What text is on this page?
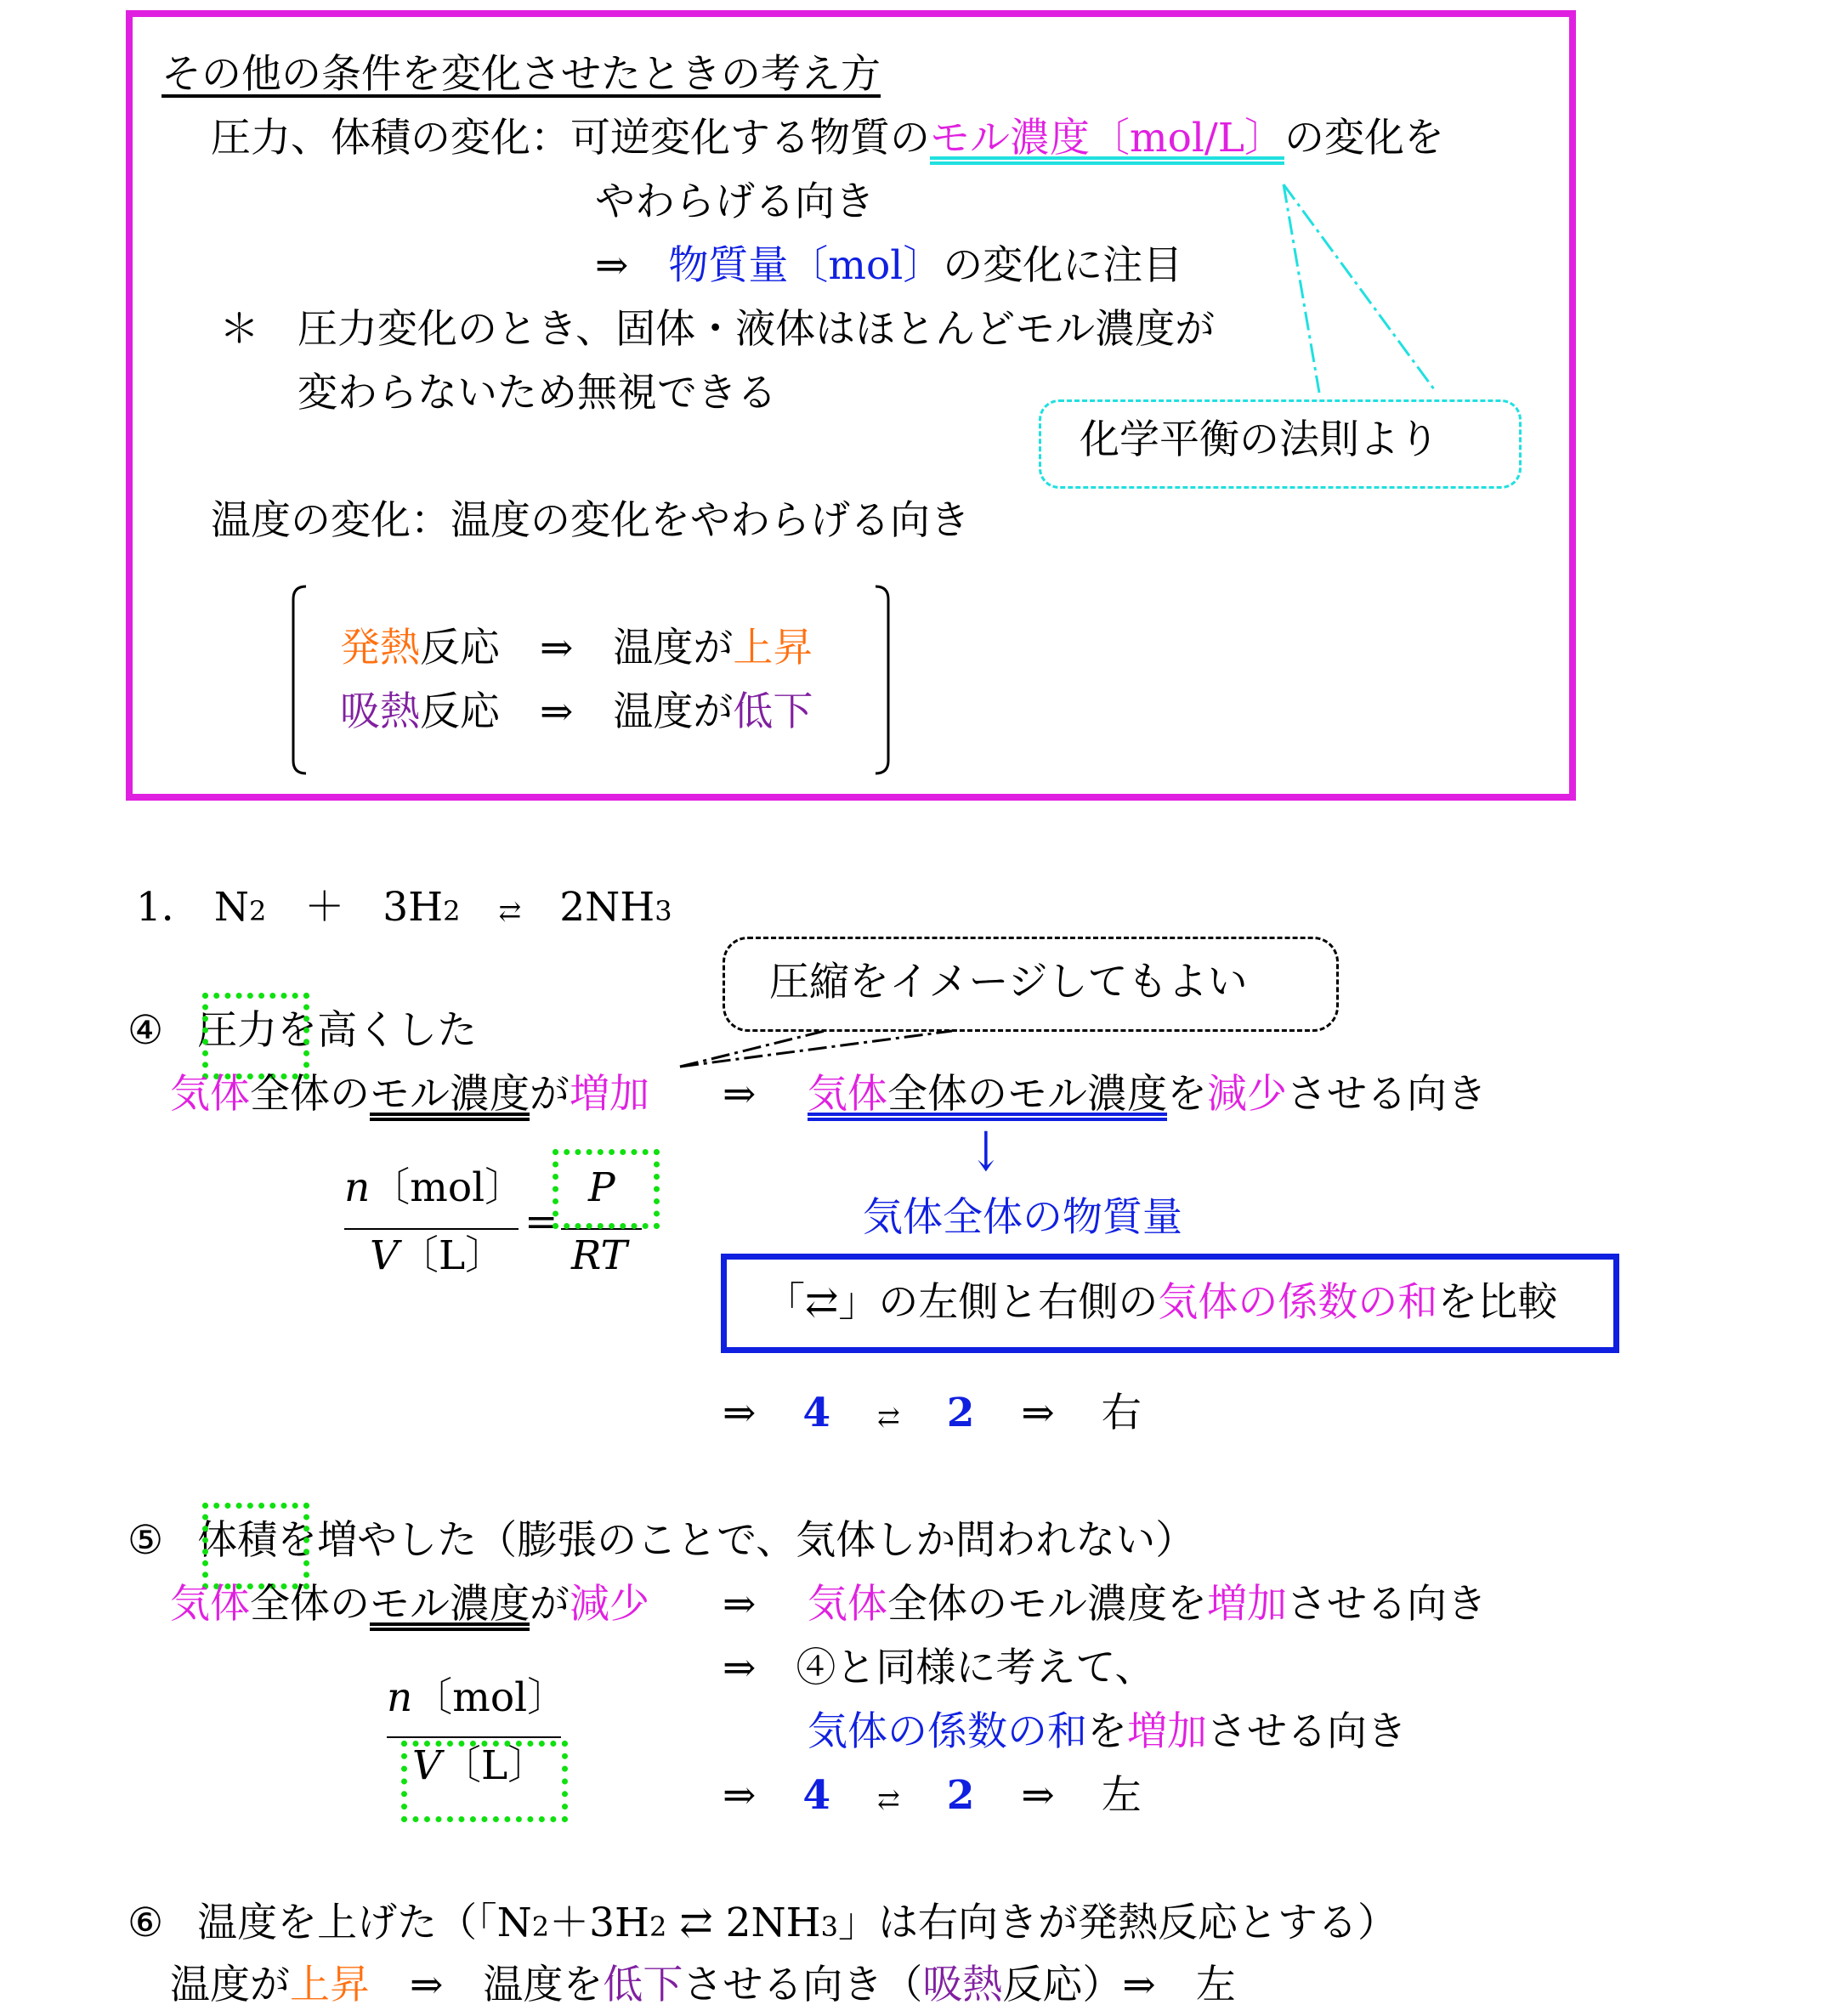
その他の条件を変化させたときの考え方
圧力、体積の変化：可逆変化する物質のモル濃度〔mol/L〕の変化を
やわらげる向き
⇒　物質量〔mol〕の変化に注目
＊ 圧力変化のとき、固体・液体はほとんどモル濃度が
変わらないため無視できる
化学平衡の法則より
温度の変化：温度の変化をやわらげる向き
発熱反応　⇒　温度が上昇
吸熱反応　⇒　温度が低下
1． N2 ＋ 3H2 ⇄ 2NH3
圧縮をイメージしてもよい
④ 圧力を高くした
気体全体のモル濃度が増加 ⇒ 気体全体のモル濃度を減少させる向き
n〔mol〕
V〔L〕
=
P
RT
↓
気体全体の物質量
「⇄」の左側と右側の気体の係数の和を比較
⇒ 4 ⇄ 2 ⇒ 右
⑤ 体積を増やした（膨張のことで、気体しか問われない）
気体全体のモル濃度が減少 ⇒ 気体全体のモル濃度を増加させる向き
⇒　④と同様に考えて、
気体の係数の和を増加させる向き
n〔mol〕
V〔L〕
⇒ 4 ⇄ 2 ⇒ 左
⑥ 温度を上げた（「N2＋3H2 ⇄ 2NH3」は右向きが発熱反応とする）
温度が上昇　⇒　温度を低下させる向き（吸熱反応）⇒　左
